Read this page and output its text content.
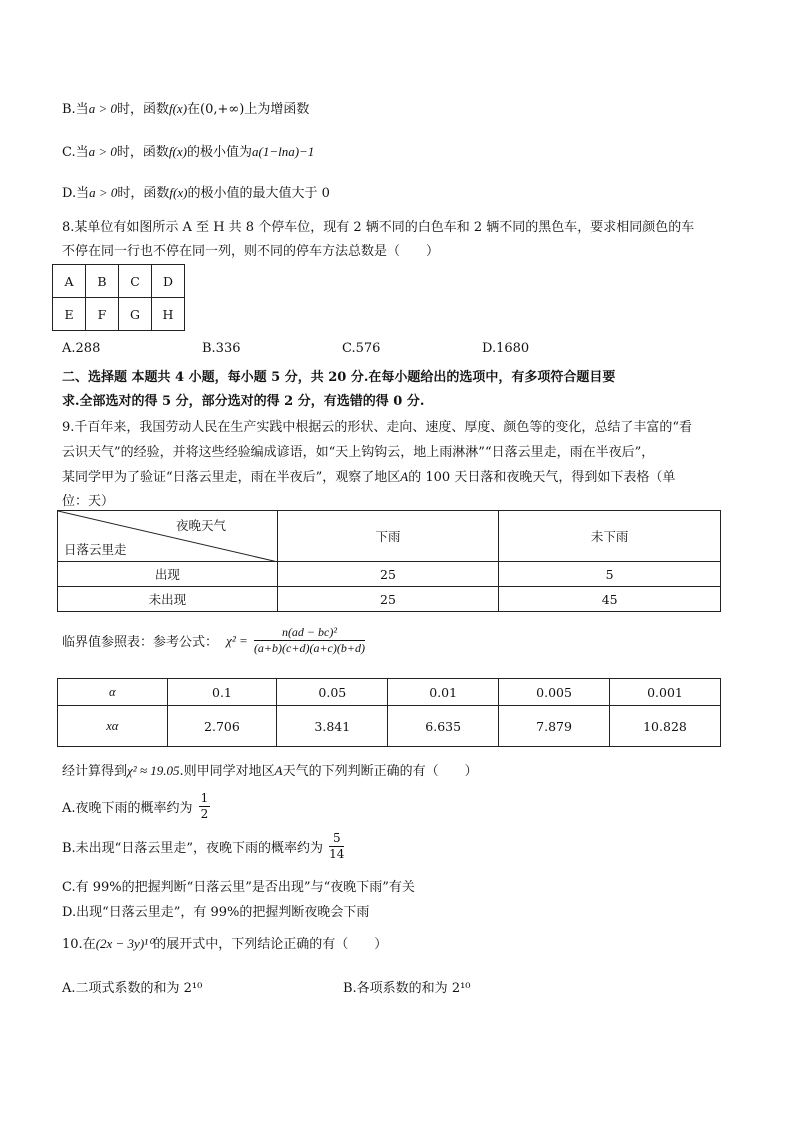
B.当a > 0时，函数f(x)在(0,+∞)上为增函数
C.当a > 0时，函数f(x)的极小值为a(1−lna)−1
D.当a > 0时，函数f(x)的极小值的最大值大于 0
8.某单位有如图所示 A 至 H 共 8 个停车位，现有 2 辆不同的白色车和 2 辆不同的黑色车，要求相同颜色的车
不停在同一行也不停在同一列，则不同的停车方法总数是（　　）
A	B	C	D
E	F	G	H
A.288	B.336	C.576	D.1680
二、选择题 本题共 4 小题，每小题 5 分，共 20 分.在每小题给出的选项中，有多项符合题目要
求.全部选对的得 5 分，部分选对的得 2 分，有选错的得 0 分.
9.千百年来，我国劳动人民在生产实践中根据云的形状、走向、速度、厚度、颜色等的变化，总结了丰富的“看
云识天气”的经验，并将这些经验编成谚语，如“天上钩钩云，地上雨淋淋”“日落云里走，雨在半夜后”，
某同学甲为了验证“日落云里走，雨在半夜后”，观察了地区A的 100 天日落和夜晚天气，得到如下表格（单
位：天）
夜晚天气
日落云里走	下雨	未下雨
出现	25	5
未出现	25	45
临界值参照表：参考公式： $\chi^2 = \frac{\text{n(ad − bc)²}}{(a+b)(c+d)(a+c)(b+d)}$
α	0.1	0.05	0.01	0.005	0.001
xα	2.706	3.841	6.635	7.879	10.828
经计算得到χ² ≈ 19.05.则甲同学对地区A天气的下列判断正确的有（　　）
A.夜晚下雨的概率约为 $\frac{1}{2}$
B.未出现“日落云里走”，夜晚下雨的概率约为 $\frac{5}{14}$
C.有 99%的把握判断“日落云里”是否出现”与“夜晚下雨”有关
D.出现“日落云里走”，有 99%的把握判断夜晚会下雨
10.在(2x − 3y)¹⁰的展开式中，下列结论正确的有（　　）
A.二项式系数的和为 2¹⁰	B.各项系数的和为 2¹⁰
